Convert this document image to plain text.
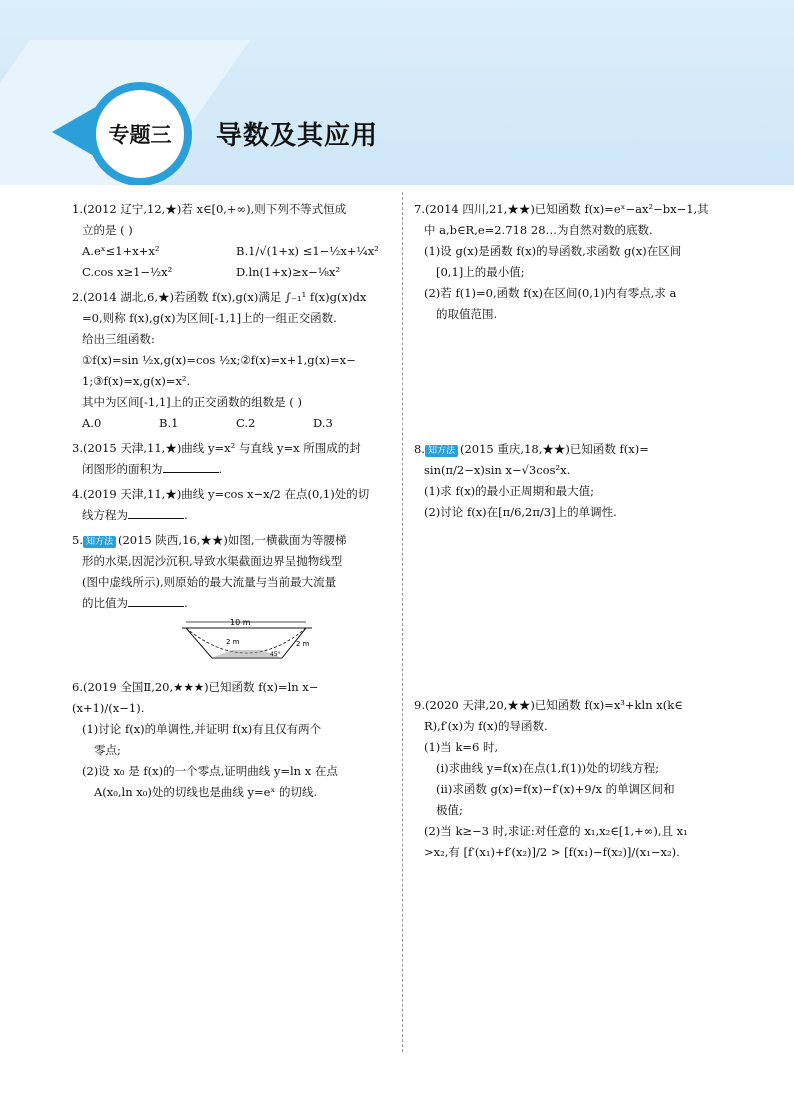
专题三 导数及其应用

1.(2012 辽宁,12,★)若 x∈[0,+∞),则下列不等式恒成

立的是 ( )

A.eˣ≤1+x+x²	B.1/√(1+x) ≤1−½x+¼x²
C.cos x≥1−½x²	D.ln(1+x)≥x−⅛x²

2.(2014 湖北,6,★)若函数 f(x),g(x)满足 ∫₋₁¹ f(x)g(x)dx

=0,则称 f(x),g(x)为区间[-1,1]上的一组正交函数.

给出三组函数:

①f(x)=sin ½x,g(x)=cos ½x;②f(x)=x+1,g(x)=x−

1;③f(x)=x,g(x)=x².

其中为区间[-1,1]上的正交函数的组数是 ( )

A.0	B.1	C.2	D.3

3.(2015 天津,11,★)曲线 y=x² 与直线 y=x 所围成的封

闭图形的面积为	.

4.(2019 天津,11,★)曲线 y=cos x−x/2 在点(0,1)处的切

线方程为	.

5. 知方法 (2015 陕西,16,★★)如图,一横截面为等腰梯

形的水渠,因泥沙沉积,导致水渠截面边界呈抛物线型

(图中虚线所示),则原始的最大流量与当前最大流量

的比值为	.

10 m
2 m	2 m
45°

6.(2019 全国Ⅱ,20,★★★)已知函数 f(x)=ln x−(x+1)/(x−1).

(1)讨论 f(x)的单调性,并证明 f(x)有且仅有两个

零点;

(2)设 x₀ 是 f(x)的一个零点,证明曲线 y=ln x 在点

A(x₀,ln x₀)处的切线也是曲线 y=eˣ 的切线.

7.(2014 四川,21,★★)已知函数 f(x)=eˣ−ax²−bx−1,其

中 a,b∈R,e=2.718 28…为自然对数的底数.

(1)设 g(x)是函数 f(x)的导函数,求函数 g(x)在区间

[0,1]上的最小值;

(2)若 f(1)=0,函数 f(x)在区间(0,1)内有零点,求 a

的取值范围.

8. 知方法 (2015 重庆,18,★★)已知函数 f(x)=

sin(π/2−x)sin x−√3cos²x.

(1)求 f(x)的最小正周期和最大值;

(2)讨论 f(x)在[π/6,2π/3]上的单调性.

9.(2020 天津,20,★★)已知函数 f(x)=x³+kln x(k∈

R),f′(x)为 f(x)的导函数.

(1)当 k=6 时,

(i)求曲线 y=f(x)在点(1,f(1))处的切线方程;

(ii)求函数 g(x)=f(x)−f′(x)+9/x 的单调区间和

极值;

(2)当 k≥−3 时,求证:对任意的 x₁,x₂∈[1,+∞),且 x₁

>x₂,有 [f′(x₁)+f′(x₂)]/2 > [f(x₁)−f(x₂)]/(x₁−x₂).
